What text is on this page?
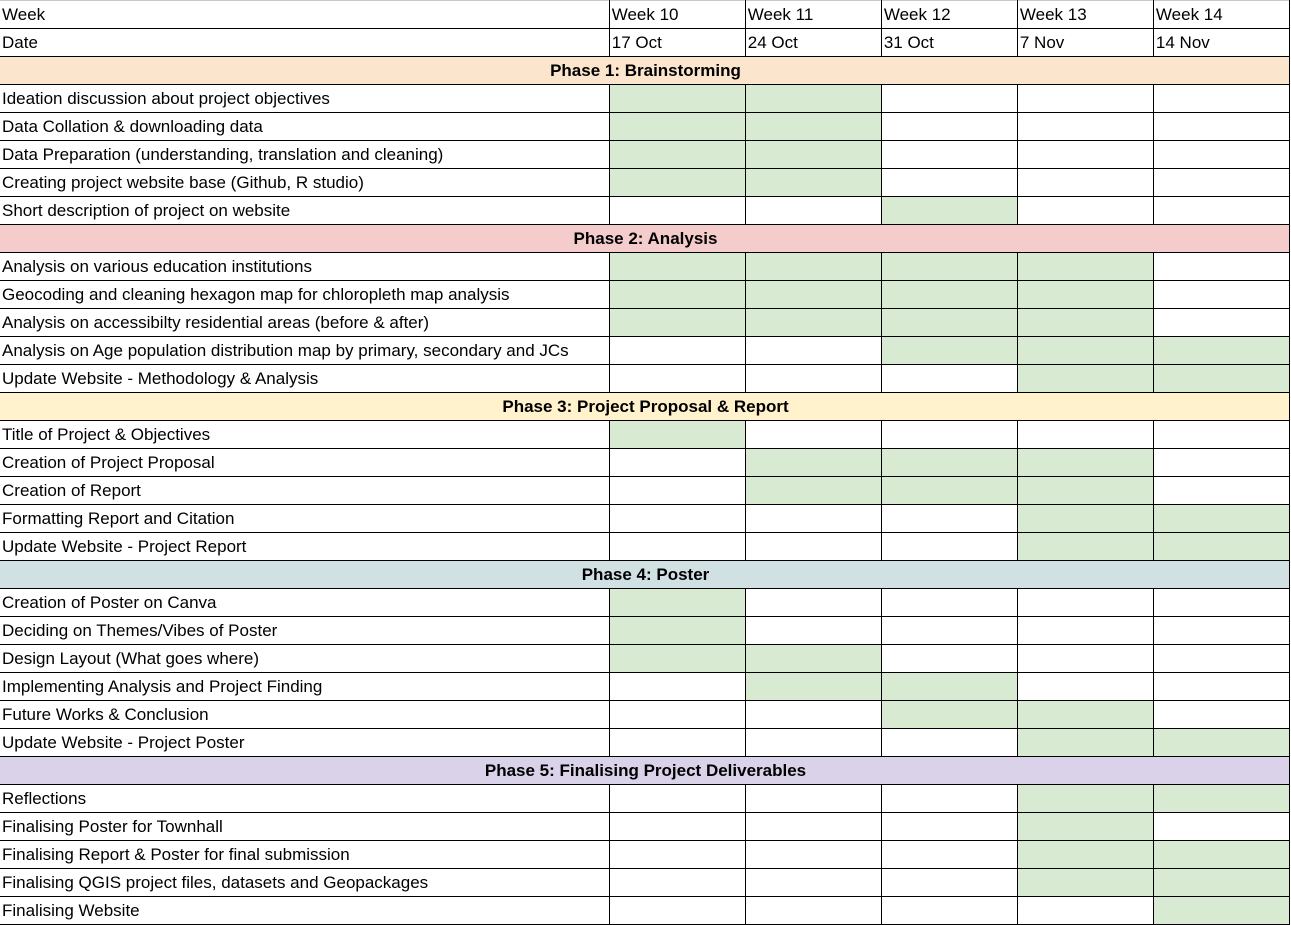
Week	Week 10	Week 11	Week 12	Week 13	Week 14
Date	17 Oct	24 Oct	31 Oct	7 Nov	14 Nov
Phase 1: Brainstorming					
Ideation discussion about project objectives					
Data Collation & downloading data					
Data Preparation (understanding, translation and cleaning)					
Creating project website base (Github, R studio)					
Short description of project on website					
Phase 2: Analysis					
Analysis on various education institutions					
Geocoding and cleaning hexagon map for chloropleth map analysis					
Analysis on accessibilty residential areas (before & after)					
Analysis on Age population distribution map by primary, secondary and JCs					
Update Website - Methodology & Analysis					
Phase 3: Project Proposal & Report					
Title of Project & Objectives					
Creation of Project Proposal					
Creation of Report					
Formatting Report and Citation					
Update Website - Project Report					
Phase 4: Poster					
Creation of Poster on Canva					
Deciding on Themes/Vibes of Poster					
Design Layout (What goes where)					
Implementing Analysis and Project Finding					
Future Works & Conclusion					
Update Website - Project Poster					
Phase 5: Finalising Project Deliverables					
Reflections					
Finalising Poster for Townhall					
Finalising Report & Poster for final submission					
Finalising QGIS project files, datasets and Geopackages					
Finalising Website					
